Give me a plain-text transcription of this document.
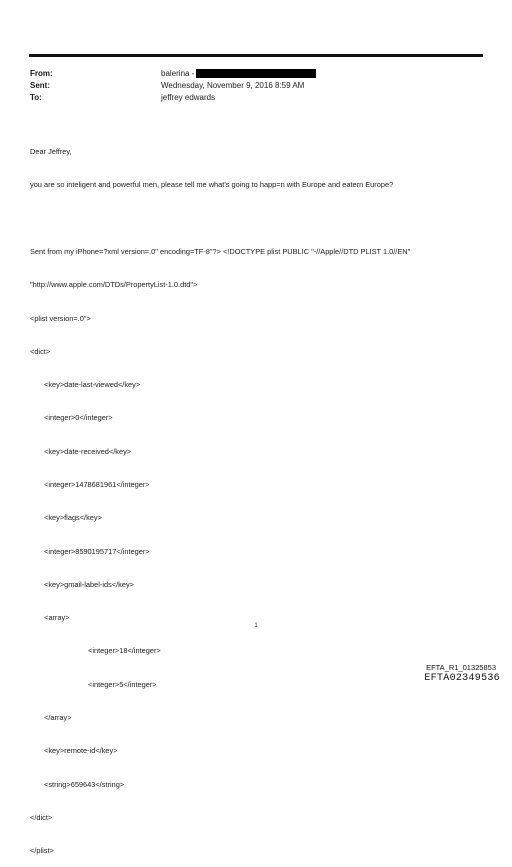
From:	balerina -
Sent:	Wednesday, November 9, 2016 8:59 AM
To:	jeffrey edwards

Dear Jeffrey,

you are so inteligent and powerful men, please tell me what's going to happ=n with Europe and eatern Europe?

Sent from my iPhone=?xml version=.0" encoding=TF-8"?> <!DOCTYPE plist PUBLIC "-//Apple//DTD PLIST 1.0//EN"

"http://www.apple.com/DTDs/PropertyList-1.0.dtd">

<plist version=.0">

<dict>

<key>date-last-viewed</key>

<integer>0</integer>

<key>date-received</key>

<integer>1478681961</integer>

<key>flags</key>

<integer>8590195717</integer>

<key>gmail-label-ids</key>

<array>

<integer>18</integer>

<integer>5</integer>

</array>

<key>remote-id</key>

<string>659643</string>

</dict>

</plist>

1
EFTA_R1_01325853
EFTA02349536
